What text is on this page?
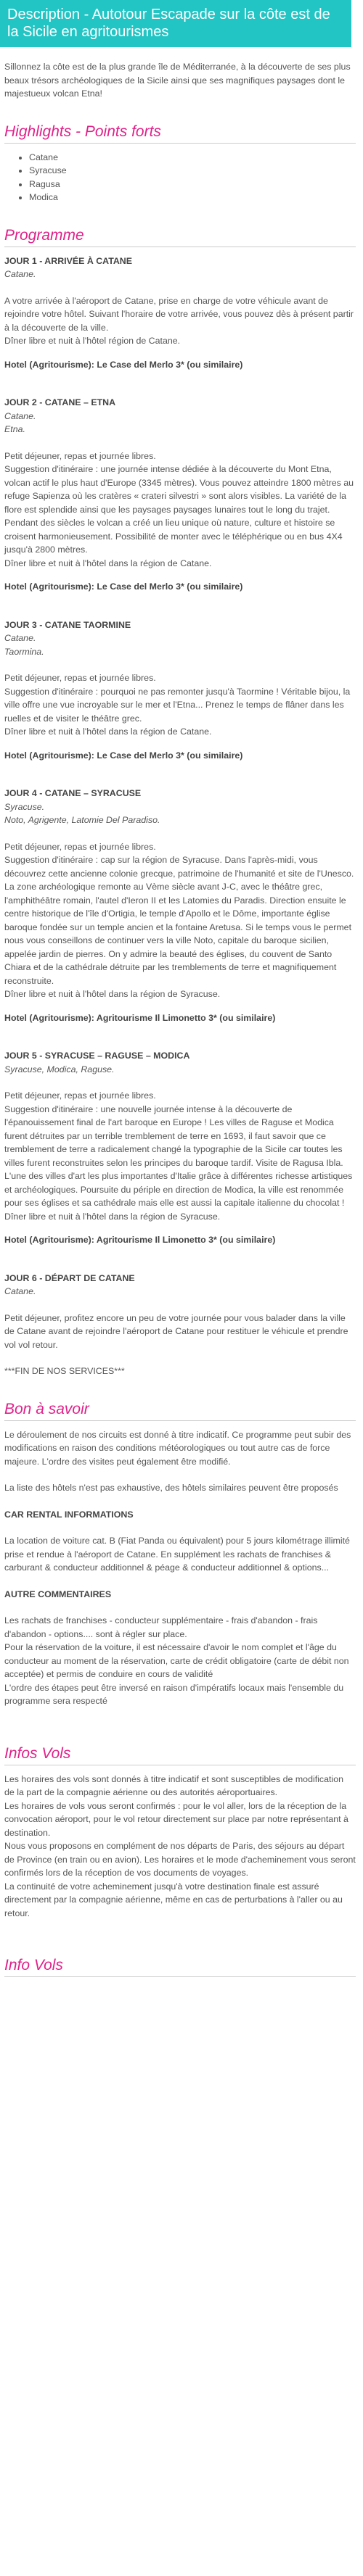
Description - Autotour Escapade sur la côte est de la Sicile en agritourismes

Sillonnez la côte est de la plus grande île de Méditerranée, à la découverte de ses plus beaux trésors archéologiques de la Sicile ainsi que ses magnifiques paysages dont le majestueux volcan Etna!

Highlights - Points forts
• Catane
• Syracuse
• Ragusa
• Modica
Programme
JOUR 1 - ARRIVÉE À CATANE
Catane.

A votre arrivée à l'aéroport de Catane, prise en charge de votre véhicule avant de rejoindre votre hôtel. Suivant l'horaire de votre arrivée, vous pouvez dès à présent partir à la découverte de la ville.

Dîner libre et nuit à l'hôtel région de Catane.

Hotel (Agritourisme): Le Case del Merlo 3* (ou similaire)
JOUR 2 - CATANE – ETNA
Catane.
Etna.

Petit déjeuner, repas et journée libres.
Suggestion d'itinéraire : une journée intense dédiée à la découverte du Mont Etna, volcan actif le plus haut d'Europe (3345 mètres). Vous pouvez atteindre 1800 mètres au refuge Sapienza où les cratères « crateri silvestri » sont alors visibles. La variété de la flore est splendide ainsi que les paysages paysages lunaires tout le long du trajet. Pendant des siècles le volcan a créé un lieu unique où nature, culture et histoire se croisent harmonieusement. Possibilité de monter avec le téléphérique ou en bus 4X4 jusqu'à 2800 mètres.

Dîner libre et nuit à l'hôtel dans la région de Catane.

Hotel (Agritourisme): Le Case del Merlo 3* (ou similaire)
JOUR 3 - CATANE TAORMINE
Catane.
Taormina.

Petit déjeuner, repas et journée libres.
Suggestion d'itinéraire : pourquoi ne pas remonter jusqu'à Taormine ! Véritable bijou, la ville offre une vue incroyable sur le mer et l'Etna... Prenez le temps de flâner dans les ruelles et de visiter le théâtre grec.

Dîner libre et nuit à l'hôtel dans la région de Catane.

Hotel (Agritourisme): Le Case del Merlo 3* (ou similaire)
JOUR 4 - CATANE – SYRACUSE
Syracuse.
Noto, Agrigente, Latomie Del Paradiso.

Petit déjeuner, repas et journée libres.
Suggestion d'itinéraire : cap sur la région de Syracuse. Dans l'après-midi, vous découvrez cette ancienne colonie grecque, patrimoine de l'humanité et site de l'Unesco. La zone archéologique remonte au Vème siècle avant J-C, avec le théâtre grec, l'amphithéâtre romain, l'autel d'Ieron II et les Latomies du Paradis. Direction ensuite le centre historique de l'île d'Ortigia, le temple d'Apollo et le Dôme, importante église baroque fondée sur un temple ancien et la fontaine Aretusa. Si le temps vous le permet nous vous conseillons de continuer vers la ville Noto, capitale du baroque sicilien, appelée jardin de pierres. On y admire la beauté des églises, du couvent de Santo Chiara et de la cathédrale détruite par les tremblements de terre et magnifiquement reconstruite.

Dîner libre et nuit à l'hôtel dans la région de Syracuse.

Hotel (Agritourisme): Agritourisme Il Limonetto 3* (ou similaire)
JOUR 5 - SYRACUSE – RAGUSE – MODICA
Syracuse, Modica, Raguse.

Petit déjeuner, repas et journée libres.
Suggestion d'itinéraire : une nouvelle journée intense à la découverte de l'épanouissement final de l'art baroque en Europe ! Les villes de Raguse et Modica furent détruites par un terrible tremblement de terre en 1693, il faut savoir que ce tremblement de terre a radicalement changé la typographie de la Sicile car toutes les villes furent reconstruites selon les principes du baroque tardif. Visite de Ragusa Ibla. L'une des villes d'art les plus importantes d'Italie grâce à différentes richesse artistiques et archéologiques. Poursuite du périple en direction de Modica, la ville est renommée pour ses églises et sa cathédrale mais elle est aussi la capitale italienne du chocolat !

Dîner libre et nuit à l'hôtel dans la région de Syracuse.

Hotel (Agritourisme): Agritourisme Il Limonetto 3* (ou similaire)
JOUR 6 - DÉPART DE CATANE
Catane.

Petit déjeuner, profitez encore un peu de votre journée pour vous balader dans la ville de Catane avant de rejoindre l'aéroport de Catane pour restituer le véhicule et prendre vol vol retour.

***FIN DE NOS SERVICES***

Bon à savoir

Le déroulement de nos circuits est donné à titre indicatif. Ce programme peut subir des modifications en raison des conditions météorologiques ou tout autre cas de force majeure. L'ordre des visites peut également être modifié.

La liste des hôtels n'est pas exhaustive, des hôtels similaires peuvent être proposés

CAR RENTAL INFORMATIONS

La location de voiture cat. B (Fiat Panda ou équivalent) pour 5 jours kilométrage illimité prise et rendue à l'aéroport de Catane. En supplément les rachats de franchises & carburant & conducteur additionnel & péage & conducteur additionnel & options...

AUTRE COMMENTAIRES

Les rachats de franchises - conducteur supplémentaire - frais d'abandon - frais d'abandon - options.... sont à régler sur place.
Pour la réservation de la voiture, il est nécessaire d'avoir le nom complet et l'âge du conducteur au moment de la réservation, carte de crédit obligatoire (carte de débit non acceptée) et permis de conduire en cours de validité
L'ordre des étapes peut être inversé en raison d'impératifs locaux mais l'ensemble du programme sera respecté

Infos Vols

Les horaires des vols sont donnés à titre indicatif et sont susceptibles de modification de la part de la compagnie aérienne ou des autorités aéroportuaires.
Les horaires de vols vous seront confirmés : pour le vol aller, lors de la réception de la convocation aéroport, pour le vol retour directement sur place par notre représentant à destination.
Nous vous proposons en complément de nos départs de Paris, des séjours au départ de Province (en train ou en avion). Les horaires et le mode d'acheminement vous seront confirmés lors de la réception de vos documents de voyages.
La continuité de votre acheminement jusqu'à votre destination finale est assuré directement par la compagnie aérienne, même en cas de perturbations à l'aller ou au retour.

Info Vols
